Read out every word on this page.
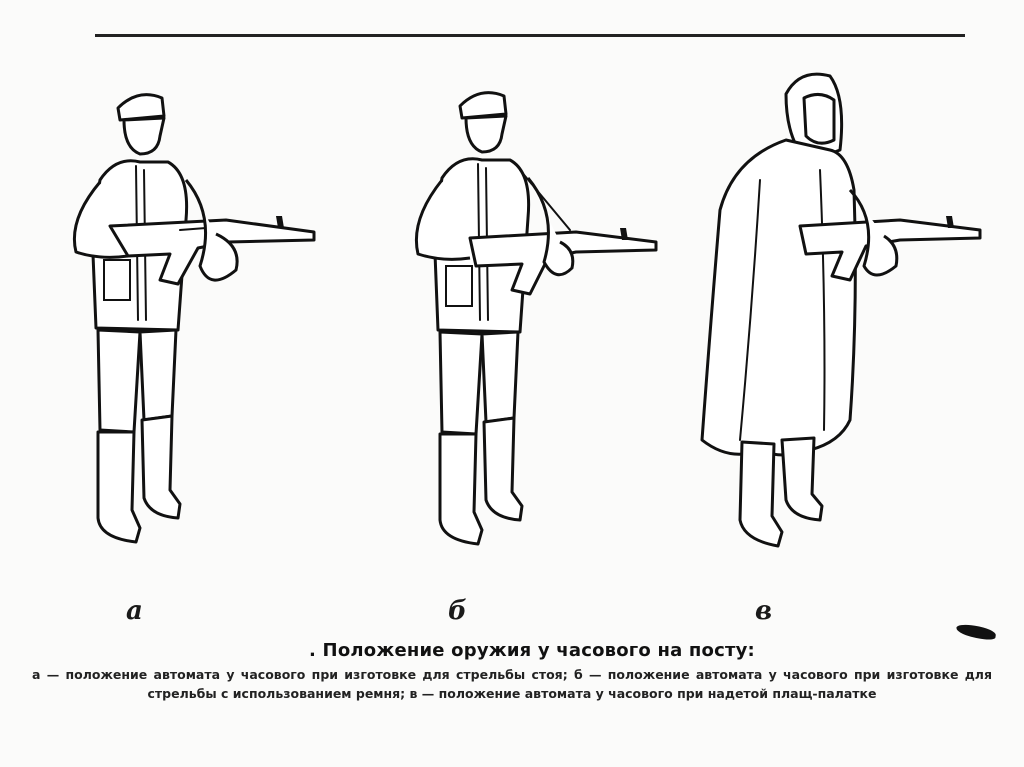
а	б	в
. Положение оружия у часового на посту:
а — положение автомата у часового при изготовке для стрельбы стоя; б — положение автомата у часового при изготовке для стрельбы с использованием ремня; в — положение автомата у часового при надетой плащ-палатке
